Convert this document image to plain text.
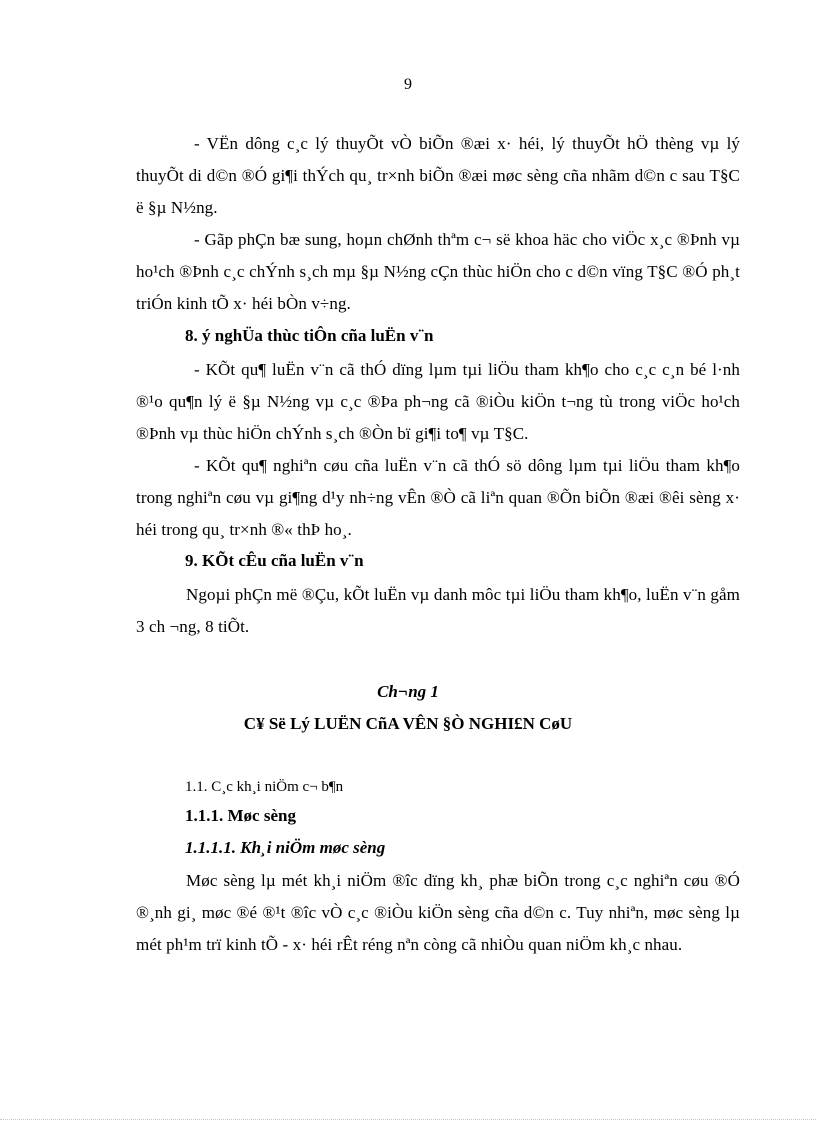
9

- VËn dông c¸c lý thuyÕt vÒ biÕn ®æi x· héi, lý thuyÕt hÖ thèng vµ lý thuyÕt di d©n ®Ó gi¶i thÝch qu¸ tr×nh biÕn ®æi møc sèng cña nhãm d©n c sau T§C ë §µ N½ng.

- Gãp phÇn bæ sung, hoµn chØnh thªm c¬ së khoa häc cho viÖc x¸c ®Þnh vµ ho¹ch ®Þnh c¸c chÝnh s¸ch mµ §µ N½ng cÇn thùc hiÖn cho c d©n vïng T§C ®Ó ph¸t triÓn kinh tÕ x· héi bÒn v÷ng.

8. ý nghÜa thùc tiÔn cña luËn v¨n

- KÕt qu¶ luËn v¨n cã thÓ dïng lµm tµi liÖu tham kh¶o cho c¸c c¸n bé l·nh ®¹o qu¶n lý ë §µ N½ng vµ c¸c ®Þa ph¬ng cã ®iÒu kiÖn t¬ng tù trong viÖc ho¹ch ®Þnh vµ thùc hiÖn chÝnh s¸ch ®Òn bï gi¶i to¶ vµ T§C.

- KÕt qu¶ nghiªn cøu cña luËn v¨n cã thÓ sö dông lµm tµi liÖu tham kh¶o trong nghiªn cøu vµ gi¶ng d¹y nh÷ng vÊn ®Ò cã liªn quan ®Õn biÕn ®æi ®êi sèng x· héi trong qu¸ tr×nh ®« thÞ ho¸.

9. KÕt cÊu cña luËn v¨n

Ngoµi phÇn më ®Çu, kÕt luËn vµ danh môc tµi liÖu tham kh¶o, luËn v¨n gåm 3 ch ¬ng, 8 tiÕt.

Ch¬ng 1
C¥ Së Lý LUËN CñA VÊN §Ò NGHI£N CøU
1.1. C¸c kh¸i niÖm c¬ b¶n
1.1.1. Møc sèng
1.1.1.1. Kh¸i niÖm møc sèng

Møc sèng lµ mét kh¸i niÖm ®îc dïng kh¸ phæ biÕn trong c¸c nghiªn cøu ®Ó ®¸nh gi¸ møc ®é ®¹t ®îc vÒ c¸c ®iÒu kiÖn sèng cña d©n c. Tuy nhiªn, møc sèng lµ mét ph¹m trï kinh tÕ - x· héi rÊt réng nªn còng cã nhiÒu quan niÖm kh¸c nhau.
